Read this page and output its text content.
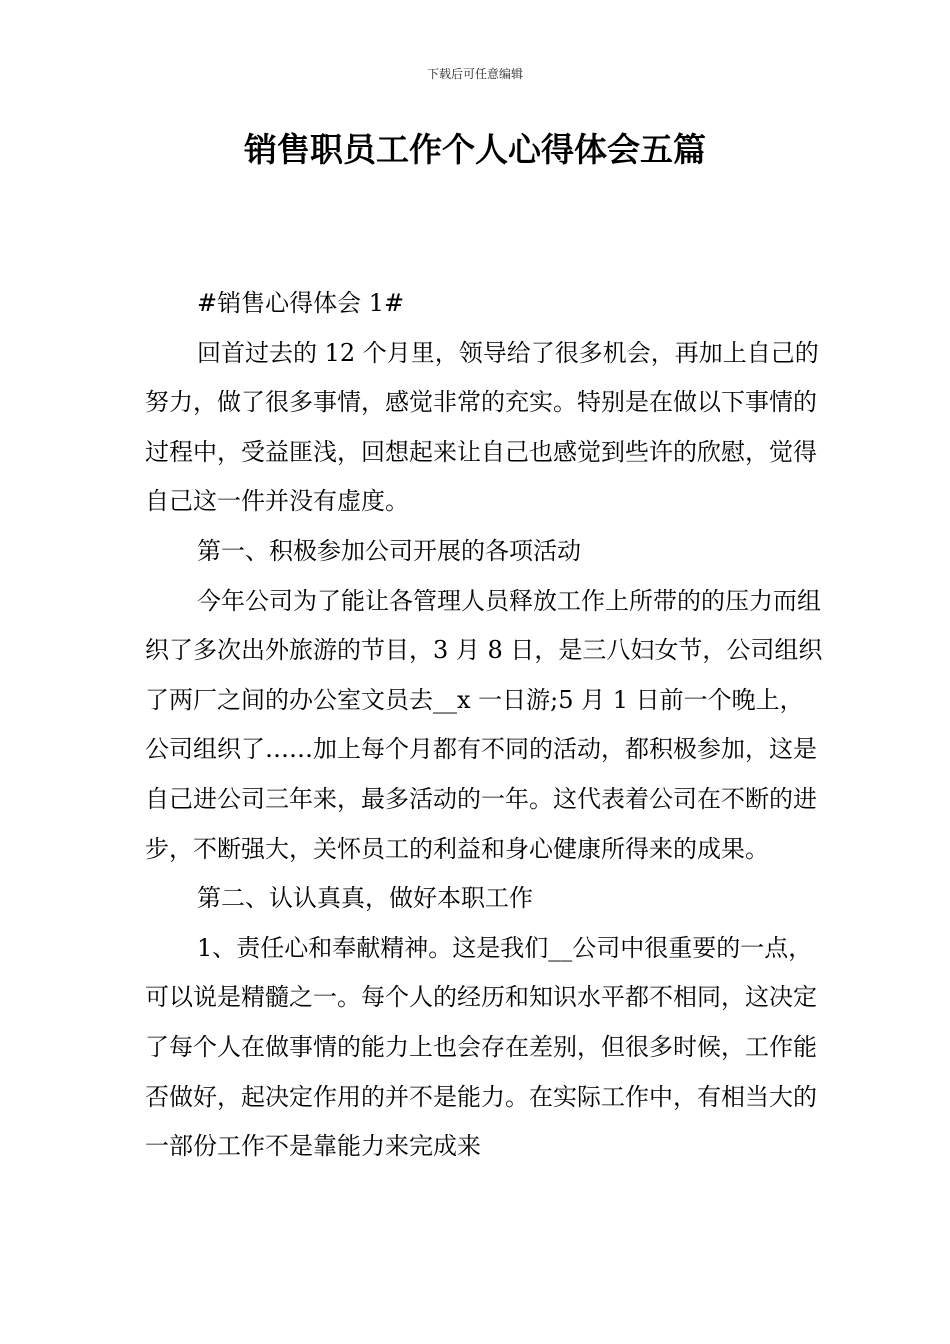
下载后可任意编辑
销售职员工作个人心得体会五篇

#销售心得体会 1#

回首过去的 12 个月里，领导给了很多机会，再加上自己的努力，做了很多事情，感觉非常的充实。特别是在做以下事情的过程中，受益匪浅，回想起来让自己也感觉到些许的欣慰，觉得自己这一件并没有虚度。

第一、积极参加公司开展的各项活动

今年公司为了能让各管理人员释放工作上所带的的压力而组织了多次出外旅游的节目，3 月 8 日，是三八妇女节，公司组织了两厂之间的办公室文员去__x 一日游;5 月 1 日前一个晚上，公司组织了……加上每个月都有不同的活动，都积极参加，这是自己进公司三年来，最多活动的一年。这代表着公司在不断的进步，不断强大，关怀员工的利益和身心健康所得来的成果。

第二、认认真真，做好本职工作

1、责任心和奉献精神。这是我们__公司中很重要的一点，可以说是精髓之一。每个人的经历和知识水平都不相同，这决定了每个人在做事情的能力上也会存在差别，但很多时候，工作能否做好，起决定作用的并不是能力。在实际工作中，有相当大的一部份工作不是靠能力来完成来
